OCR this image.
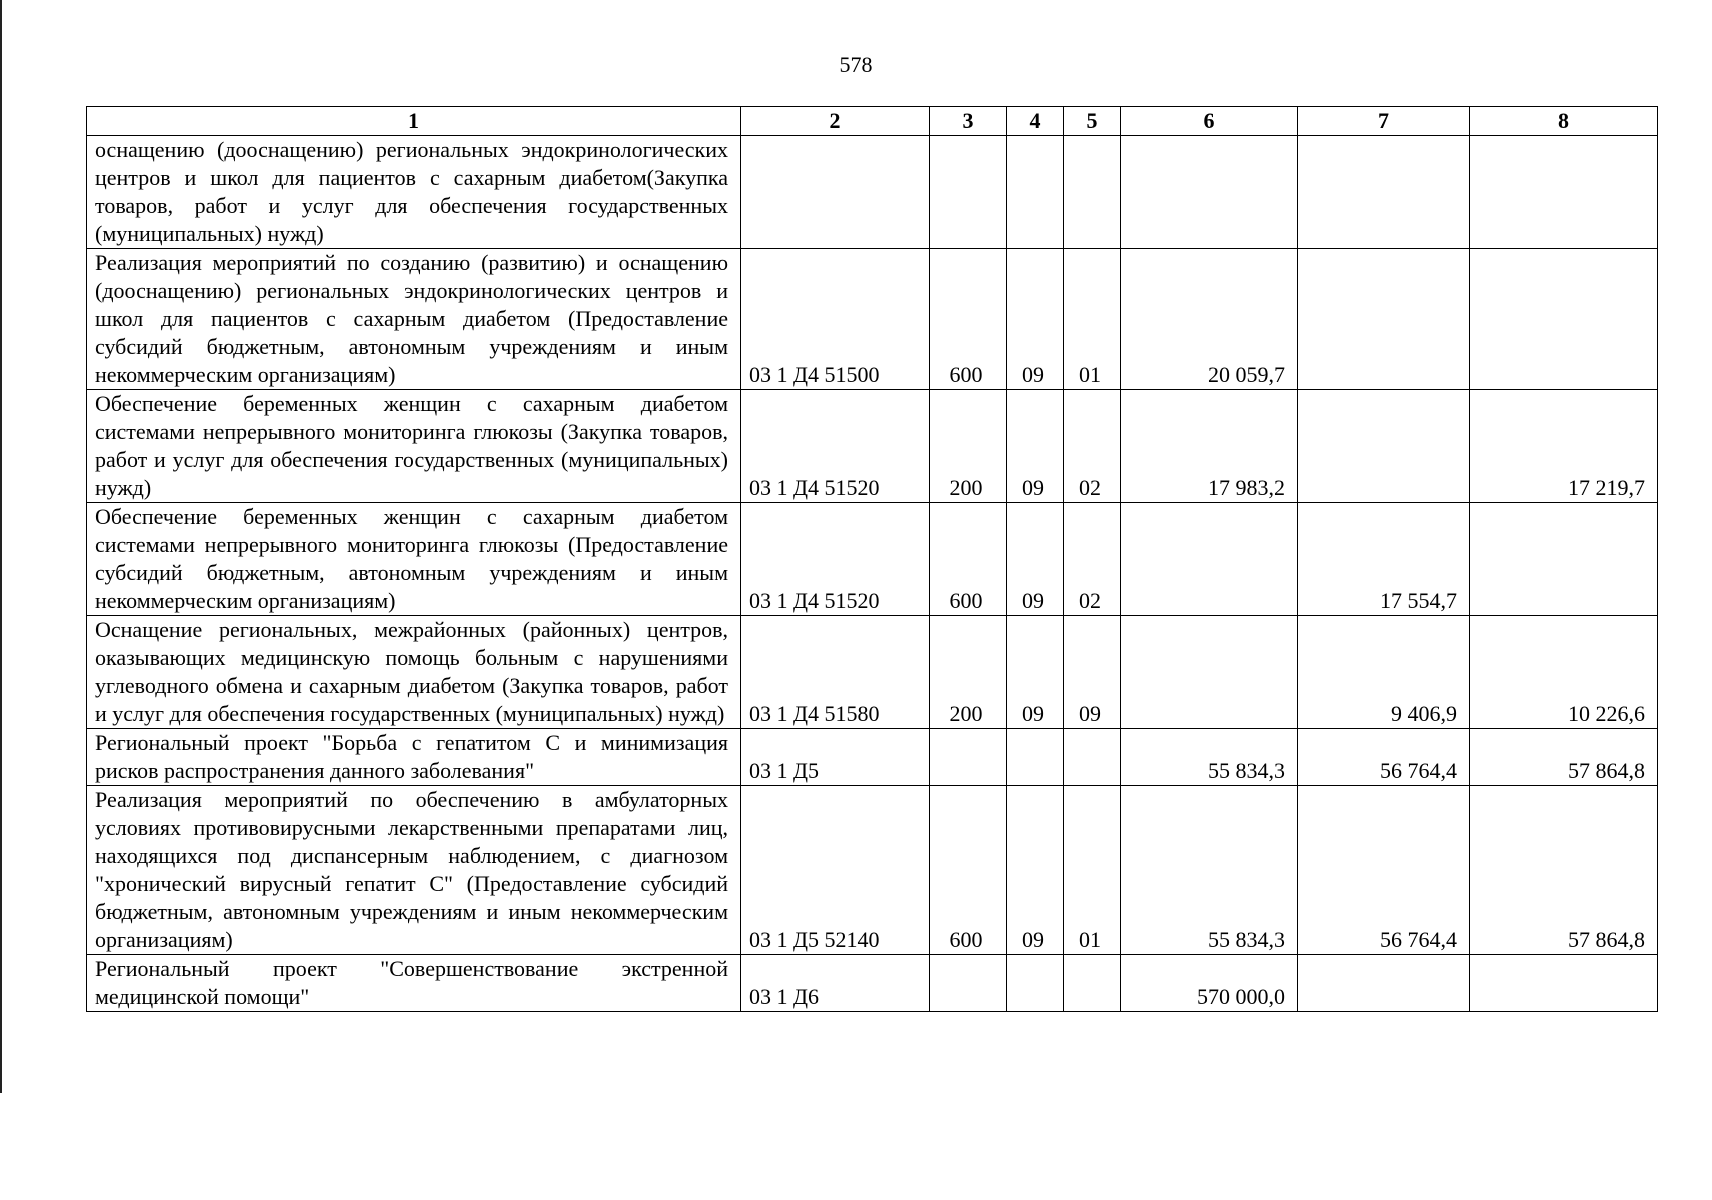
578
1	2	3	4	5	6	7	8
оснащению (дооснащению) региональных эндокринологических центров и школ для пациентов с сахарным диабетом(Закупка товаров, работ и услуг для обеспечения государственных (муниципальных) нужд)							
Реализация мероприятий по созданию (развитию) и оснащению (дооснащению) региональных эндокринологических центров и школ для пациентов с сахарным диабетом (Предоставление субсидий бюджетным, автономным учреждениям и иным некоммерческим организациям)	03 1 Д4 51500	600	09	01	20 059,7		
Обеспечение беременных женщин с сахарным диабетом системами непрерывного мониторинга глюкозы (Закупка товаров, работ и услуг для обеспечения государственных (муниципальных) нужд)	03 1 Д4 51520	200	09	02	17 983,2		17 219,7
Обеспечение беременных женщин с сахарным диабетом системами непрерывного мониторинга глюкозы (Предоставление субсидий бюджетным, автономным учреждениям и иным некоммерческим организациям)	03 1 Д4 51520	600	09	02		17 554,7	
Оснащение региональных, межрайонных (районных) центров, оказывающих медицинскую помощь больным с нарушениями углеводного обмена и сахарным диабетом (Закупка товаров, работ и услуг для обеспечения государственных (муниципальных) нужд)	03 1 Д4 51580	200	09	09		9 406,9	10 226,6
Региональный проект "Борьба с гепатитом С и минимизация рисков распространения данного заболевания"	03 1 Д5				55 834,3	56 764,4	57 864,8
Реализация мероприятий по обеспечению в амбулаторных условиях противовирусными лекарственными препаратами лиц, находящихся под диспансерным наблюдением, с диагнозом "хронический вирусный гепатит С" (Предоставление субсидий бюджетным, автономным учреждениям и иным некоммерческим организациям)	03 1 Д5 52140	600	09	01	55 834,3	56 764,4	57 864,8
Региональный проект "Совершенствование экстренной медицинской помощи"	03 1 Д6				570 000,0		
